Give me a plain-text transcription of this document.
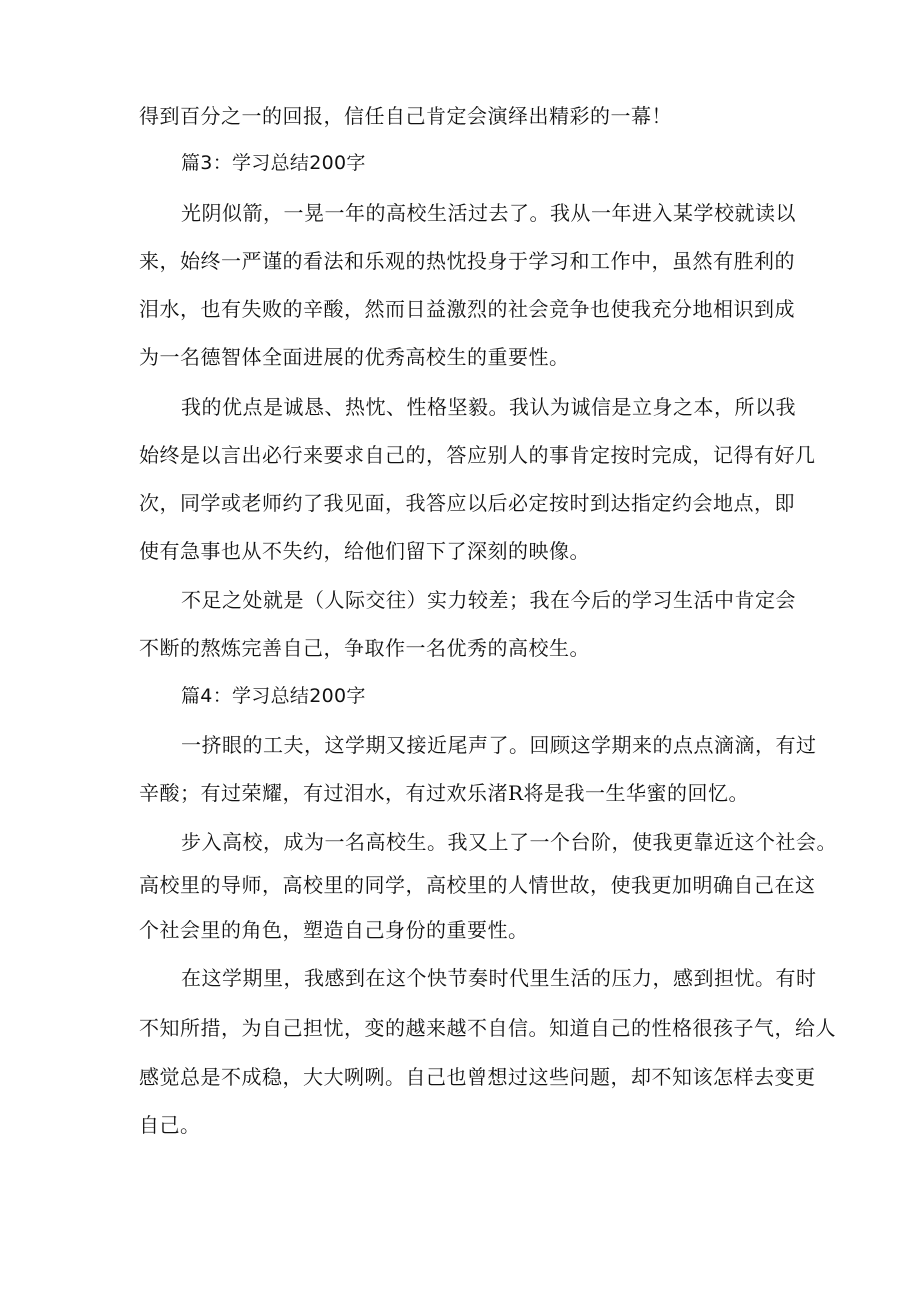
得到百分之一的回报，信任自己肯定会演绎出精彩的一幕！
篇3：学习总结200字
光阴似箭，一晃一年的高校生活过去了。我从一年进入某学校就读以
来，始终一严谨的看法和乐观的热忱投身于学习和工作中，虽然有胜利的
泪水，也有失败的辛酸，然而日益激烈的社会竞争也使我充分地相识到成
为一名德智体全面进展的优秀高校生的重要性。
我的优点是诚恳、热忱、性格坚毅。我认为诚信是立身之本，所以我
始终是以言出必行来要求自己的，答应别人的事肯定按时完成，记得有好几
次，同学或老师约了我见面，我答应以后必定按时到达指定约会地点，即
使有急事也从不失约，给他们留下了深刻的映像。
不足之处就是（人际交往）实力较差；我在今后的学习生活中肯定会
不断的熬炼完善自己，争取作一名优秀的高校生。
篇4：学习总结200字
一挤眼的工夫，这学期又接近尾声了。回顾这学期来的点点滴滴，有过
辛酸；有过荣耀，有过泪水，有过欢乐渚R将是我一生华蜜的回忆。
步入高校，成为一名高校生。我又上了一个台阶，使我更靠近这个社会。
高校里的导师，高校里的同学，高校里的人情世故，使我更加明确自己在这
个社会里的角色，塑造自己身份的重要性。
在这学期里，我感到在这个快节奏时代里生活的压力，感到担忧。有时
不知所措，为自己担忧，变的越来越不自信。知道自己的性格很孩子气，给人
感觉总是不成稳，大大咧咧。自己也曾想过这些问题，却不知该怎样去变更
自己。
